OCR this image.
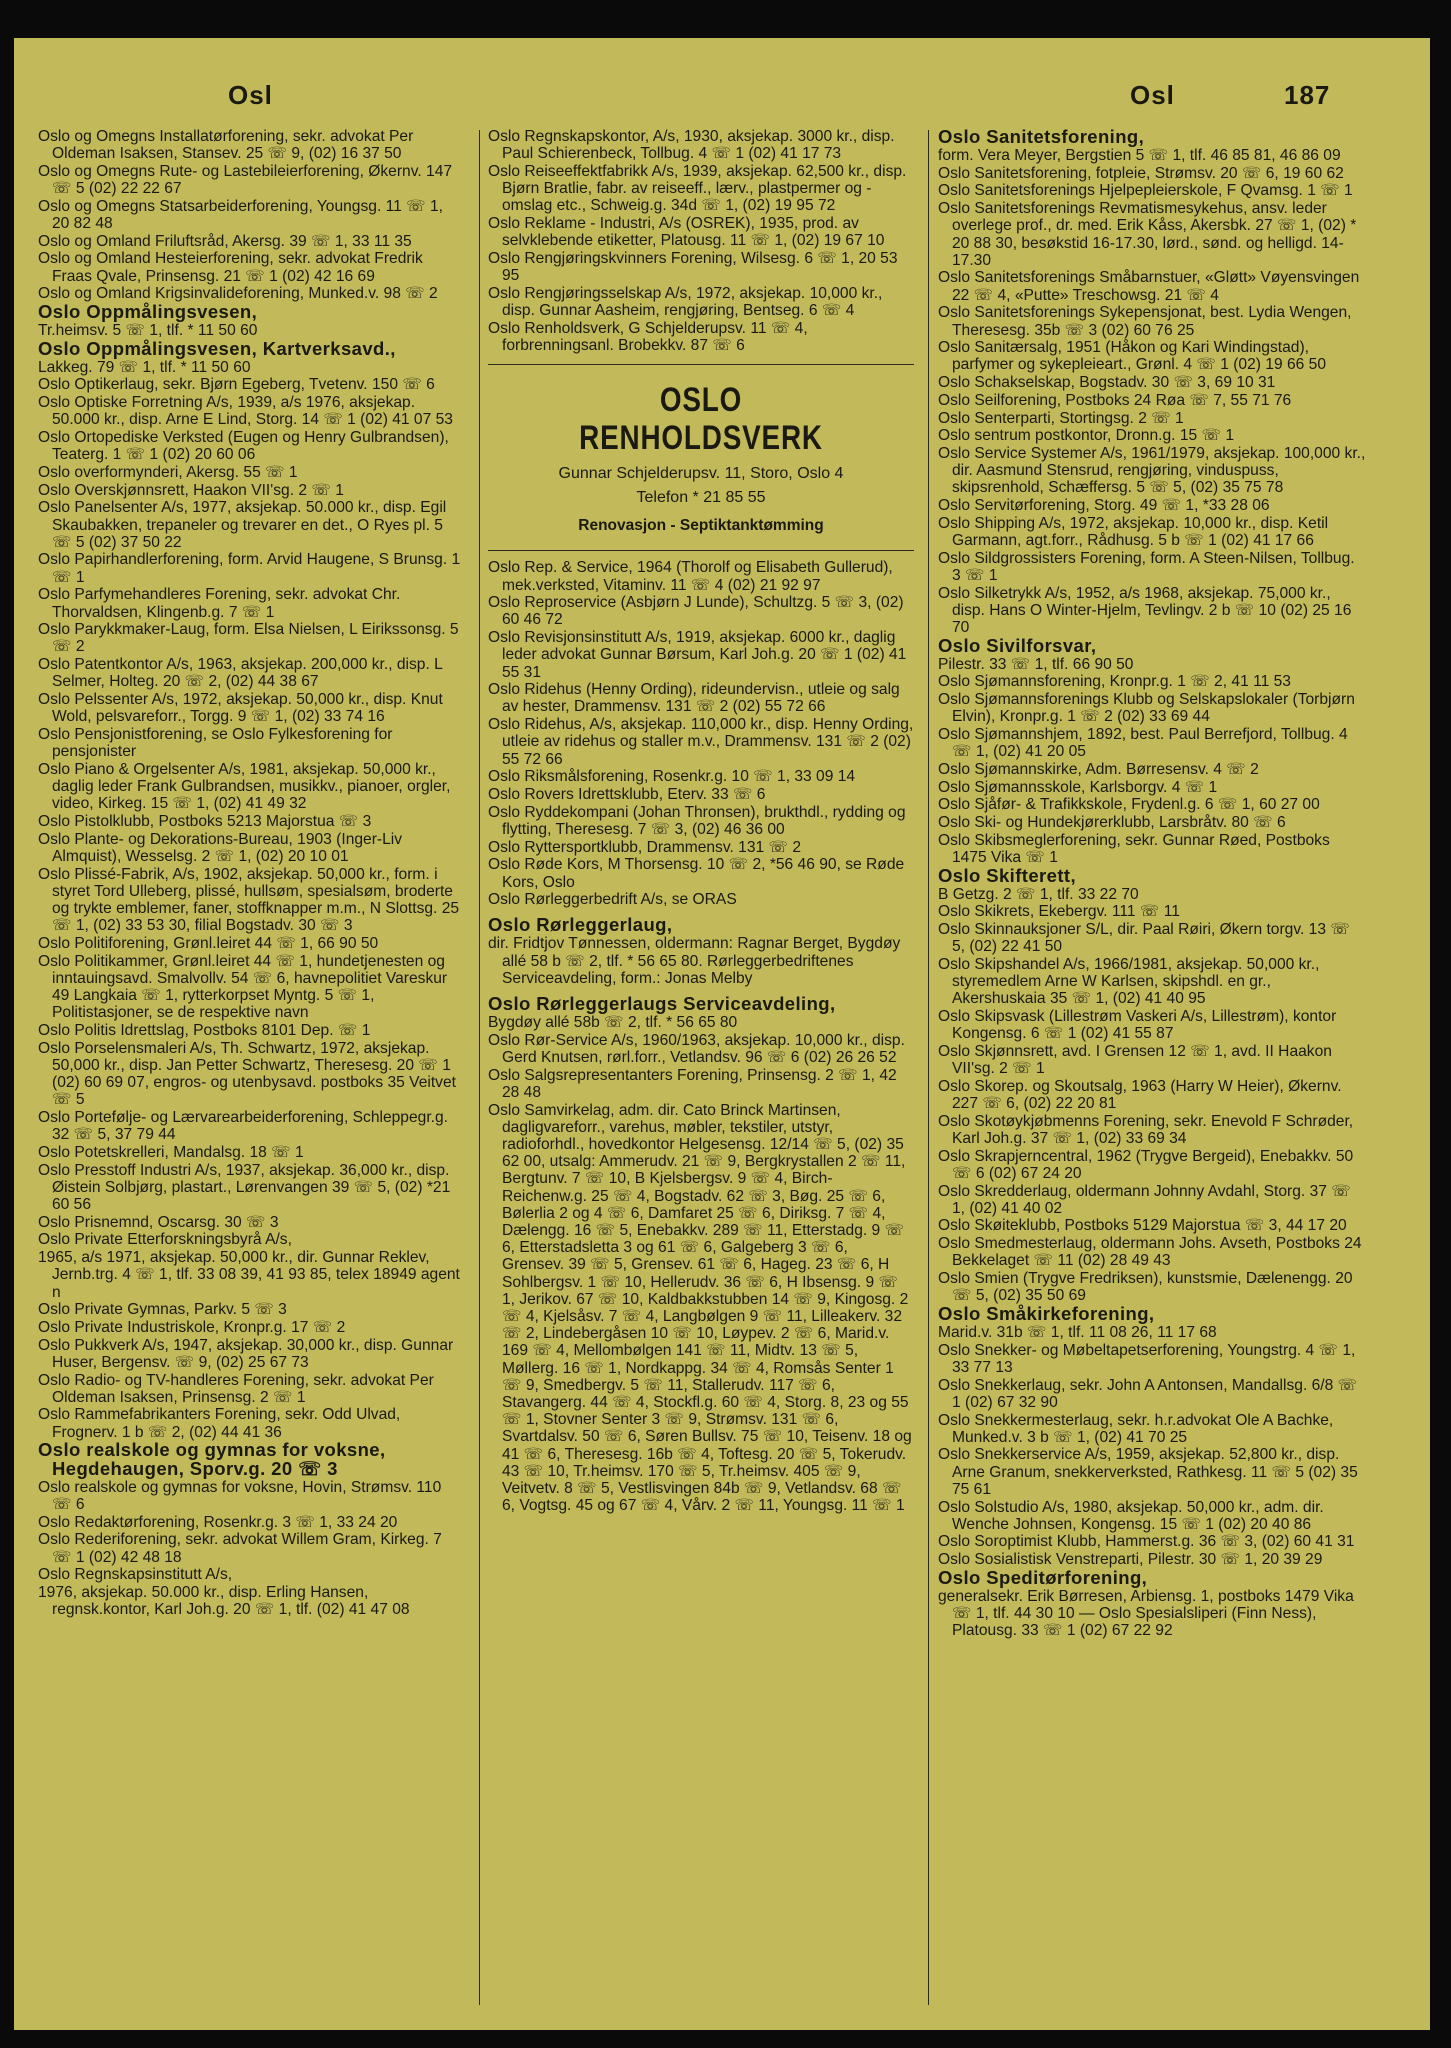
Osl	Osl	187
Oslo og Omegns Installatørforening, sekr. advokat Per Oldeman Isaksen, Stansev. 25 ☏ 9, (02) 16 37 50
Oslo og Omegns Rute- og Lastebileierforening, Økernv. 147 ☏ 5 (02) 22 22 67
Oslo og Omegns Statsarbeiderforening, Youngsg. 11 ☏ 1, 20 82 48
Oslo og Omland Friluftsråd, Akersg. 39 ☏ 1, 33 11 35
Oslo og Omland Hesteierforening, sekr. advokat Fredrik Fraas Qvale, Prinsensg. 21 ☏ 1 (02) 42 16 69
Oslo og Omland Krigsinvalideforening, Munked.v. 98 ☏ 2
Oslo Oppmålingsvesen,
Tr.heimsv. 5 ☏ 1, tlf. * 11 50 60
Oslo Oppmålingsvesen, Kartverksavd.,
Lakkeg. 79 ☏ 1, tlf. * 11 50 60
Oslo Optikerlaug, sekr. Bjørn Egeberg, Tvetenv. 150 ☏ 6
Oslo Optiske Forretning A/s, 1939, a/s 1976, aksjekap. 50.000 kr., disp. Arne E Lind, Storg. 14 ☏ 1 (02) 41 07 53
Oslo Ortopediske Verksted (Eugen og Henry Gulbrandsen), Teaterg. 1 ☏ 1 (02) 20 60 06
Oslo overformynderi, Akersg. 55 ☏ 1
Oslo Overskjønnsrett, Haakon VII'sg. 2 ☏ 1
Oslo Panelsenter A/s, 1977, aksjekap. 50.000 kr., disp. Egil Skaubakken, trepaneler og trevarer en det., O Ryes pl. 5 ☏ 5 (02) 37 50 22
Oslo Papirhandlerforening, form. Arvid Haugene, S Brunsg. 1 ☏ 1
Oslo Parfymehandleres Forening, sekr. advokat Chr. Thorvaldsen, Klingenb.g. 7 ☏ 1
Oslo Parykkmaker-Laug, form. Elsa Nielsen, L Eirikssonsg. 5 ☏ 2
Oslo Patentkontor A/s, 1963, aksjekap. 200,000 kr., disp. L Selmer, Holteg. 20 ☏ 2, (02) 44 38 67
Oslo Pelssenter A/s, 1972, aksjekap. 50,000 kr., disp. Knut Wold, pelsvareforr., Torgg. 9 ☏ 1, (02) 33 74 16
Oslo Pensjonistforening, se Oslo Fylkesforening for pensjonister
Oslo Piano & Orgelsenter A/s, 1981, aksjekap. 50,000 kr., daglig leder Frank Gulbrandsen, musikkv., pianoer, orgler, video, Kirkeg. 15 ☏ 1, (02) 41 49 32
Oslo Pistolklubb, Postboks 5213 Majorstua ☏ 3
Oslo Plante- og Dekorations-Bureau, 1903 (Inger-Liv Almquist), Wesselsg. 2 ☏ 1, (02) 20 10 01
Oslo Plissé-Fabrik, A/s, 1902, aksjekap. 50,000 kr., form. i styret Tord Ulleberg, plissé, hullsøm, spesialsøm, broderte og trykte emblemer, faner, stoffknapper m.m., N Slottsg. 25 ☏ 1, (02) 33 53 30, filial Bogstadv. 30 ☏ 3
Oslo Politiforening, Grønl.leiret 44 ☏ 1, 66 90 50
Oslo Politikammer, Grønl.leiret 44 ☏ 1, hundetjenesten og inntauingsavd. Smalvollv. 54 ☏ 6, havnepolitiet Vareskur 49 Langkaia ☏ 1, rytterkorpset Myntg. 5 ☏ 1, Politistasjoner, se de respektive navn
Oslo Politis Idrettslag, Postboks 8101 Dep. ☏ 1
Oslo Porselensmaleri A/s, Th. Schwartz, 1972, aksjekap. 50,000 kr., disp. Jan Petter Schwartz, Theresesg. 20 ☏ 1 (02) 60 69 07, engros- og utenbysavd. postboks 35 Veitvet ☏ 5
Oslo Portefølje- og Lærvarearbeiderforening, Schleppegr.g. 32 ☏ 5, 37 79 44
Oslo Potetskrelleri, Mandalsg. 18 ☏ 1
Oslo Presstoff Industri A/s, 1937, aksjekap. 36,000 kr., disp. Øistein Solbjørg, plastart., Lørenvangen 39 ☏ 5, (02) *21 60 56
Oslo Prisnemnd, Oscarsg. 30 ☏ 3
Oslo Private Etterforskningsbyrå A/s,
1965, a/s 1971, aksjekap. 50,000 kr., dir. Gunnar Reklev, Jernb.trg. 4 ☏ 1, tlf. 33 08 39, 41 93 85, telex 18949 agent n
Oslo Private Gymnas, Parkv. 5 ☏ 3
Oslo Private Industriskole, Kronpr.g. 17 ☏ 2
Oslo Pukkverk A/s, 1947, aksjekap. 30,000 kr., disp. Gunnar Huser, Bergensv. ☏ 9, (02) 25 67 73
Oslo Radio- og TV-handleres Forening, sekr. advokat Per Oldeman Isaksen, Prinsensg. 2 ☏ 1
Oslo Rammefabrikanters Forening, sekr. Odd Ulvad, Frognerv. 1 b ☏ 2, (02) 44 41 36
Oslo realskole og gymnas for voksne, Hegdehaugen, Sporv.g. 20 ☏ 3
Oslo realskole og gymnas for voksne, Hovin, Strømsv. 110 ☏ 6
Oslo Redaktørforening, Rosenkr.g. 3 ☏ 1, 33 24 20
Oslo Rederiforening, sekr. advokat Willem Gram, Kirkeg. 7 ☏ 1 (02) 42 48 18
Oslo Regnskapsinstitutt A/s,
1976, aksjekap. 50.000 kr., disp. Erling Hansen, regnsk.kontor, Karl Joh.g. 20 ☏ 1, tlf. (02) 41 47 08
Oslo Regnskapskontor, A/s, 1930, aksjekap. 3000 kr., disp. Paul Schierenbeck, Tollbug. 4 ☏ 1 (02) 41 17 73
Oslo Reiseeffektfabrikk A/s, 1939, aksjekap. 62,500 kr., disp. Bjørn Bratlie, fabr. av reiseeff., lærv., plastpermer og -omslag etc., Schweig.g. 34d ☏ 1, (02) 19 95 72
Oslo Reklame - Industri, A/s (OSREK), 1935, prod. av selvklebende etiketter, Platousg. 11 ☏ 1, (02) 19 67 10
Oslo Rengjøringskvinners Forening, Wilsesg. 6 ☏ 1, 20 53 95
Oslo Rengjøringsselskap A/s, 1972, aksjekap. 10,000 kr., disp. Gunnar Aasheim, rengjøring, Bentseg. 6 ☏ 4
Oslo Renholdsverk, G Schjelderupsv. 11 ☏ 4, forbrenningsanl. Brobekkv. 87 ☏ 6
OSLO
RENHOLDSVERK
Gunnar Schjelderupsv. 11, Storo, Oslo 4
Telefon * 21 85 55
Renovasjon - Septiktanktømming
Oslo Rep. & Service, 1964 (Thorolf og Elisabeth Gullerud), mek.verksted, Vitaminv. 11 ☏ 4 (02) 21 92 97
Oslo Reproservice (Asbjørn J Lunde), Schultzg. 5 ☏ 3, (02) 60 46 72
Oslo Revisjonsinstitutt A/s, 1919, aksjekap. 6000 kr., daglig leder advokat Gunnar Børsum, Karl Joh.g. 20 ☏ 1 (02) 41 55 31
Oslo Ridehus (Henny Ording), rideundervisn., utleie og salg av hester, Drammensv. 131 ☏ 2 (02) 55 72 66
Oslo Ridehus, A/s, aksjekap. 110,000 kr., disp. Henny Ording, utleie av ridehus og staller m.v., Drammensv. 131 ☏ 2 (02) 55 72 66
Oslo Riksmålsforening, Rosenkr.g. 10 ☏ 1, 33 09 14
Oslo Rovers Idrettsklubb, Eterv. 33 ☏ 6
Oslo Ryddekompani (Johan Thronsen), brukthdl., rydding og flytting, Theresesg. 7 ☏ 3, (02) 46 36 00
Oslo Ryttersportklubb, Drammensv. 131 ☏ 2
Oslo Røde Kors, M Thorsensg. 10 ☏ 2, *56 46 90, se Røde Kors, Oslo
Oslo Rørleggerbedrift A/s, se ORAS
Oslo Rørleggerlaug,
dir. Fridtjov Tønnessen, oldermann: Ragnar Berget, Bygdøy allé 58 b ☏ 2, tlf. * 56 65 80. Rørleggerbedriftenes Serviceavdeling, form.: Jonas Melby
Oslo Rørleggerlaugs Serviceavdeling,
Bygdøy allé 58b ☏ 2, tlf. * 56 65 80
Oslo Rør-Service A/s, 1960/1963, aksjekap. 10,000 kr., disp. Gerd Knutsen, rørl.forr., Vetlandsv. 96 ☏ 6 (02) 26 26 52
Oslo Salgsrepresentanters Forening, Prinsensg. 2 ☏ 1, 42 28 48
Oslo Samvirkelag, adm. dir. Cato Brinck Martinsen, dagligvareforr., varehus, møbler, tekstiler, utstyr, radioforhdl., hovedkontor Helgesensg. 12/14 ☏ 5, (02) 35 62 00, utsalg: Ammerudv. 21 ☏ 9, Bergkrystallen 2 ☏ 11, Bergtunv. 7 ☏ 10, B Kjelsbergsv. 9 ☏ 4, Birch-Reichenw.g. 25 ☏ 4, Bogstadv. 62 ☏ 3, Bøg. 25 ☏ 6, Bølerlia 2 og 4 ☏ 6, Damfaret 25 ☏ 6, Diriksg. 7 ☏ 4, Dælengg. 16 ☏ 5, Enebakkv. 289 ☏ 11, Etterstadg. 9 ☏ 6, Etterstadsletta 3 og 61 ☏ 6, Galgeberg 3 ☏ 6, Grensev. 39 ☏ 5, Grensev. 61 ☏ 6, Hageg. 23 ☏ 6, H Sohlbergsv. 1 ☏ 10, Hellerudv. 36 ☏ 6, H Ibsensg. 9 ☏ 1, Jerikov. 67 ☏ 10, Kaldbakkstubben 14 ☏ 9, Kingosg. 2 ☏ 4, Kjelsåsv. 7 ☏ 4, Langbølgen 9 ☏ 11, Lilleakerv. 32 ☏ 2, Lindebergåsen 10 ☏ 10, Løypev. 2 ☏ 6, Marid.v. 169 ☏ 4, Mellombølgen 141 ☏ 11, Midtv. 13 ☏ 5, Møllerg. 16 ☏ 1, Nordkappg. 34 ☏ 4, Romsås Senter 1 ☏ 9, Smedbergv. 5 ☏ 11, Stallerudv. 117 ☏ 6, Stavangerg. 44 ☏ 4, Stockfl.g. 60 ☏ 4, Storg. 8, 23 og 55 ☏ 1, Stovner Senter 3 ☏ 9, Strømsv. 131 ☏ 6, Svartdalsv. 50 ☏ 6, Søren Bullsv. 75 ☏ 10, Teisenv. 18 og 41 ☏ 6, Theresesg. 16b ☏ 4, Toftesg. 20 ☏ 5, Tokerudv. 43 ☏ 10, Tr.heimsv. 170 ☏ 5, Tr.heimsv. 405 ☏ 9, Veitvetv. 8 ☏ 5, Vestlisvingen 84b ☏ 9, Vetlandsv. 68 ☏ 6, Vogtsg. 45 og 67 ☏ 4, Vårv. 2 ☏ 11, Youngsg. 11 ☏ 1
Oslo Sanitetsforening,
form. Vera Meyer, Bergstien 5 ☏ 1, tlf. 46 85 81, 46 86 09
Oslo Sanitetsforening, fotpleie, Strømsv. 20 ☏ 6, 19 60 62
Oslo Sanitetsforenings Hjelpepleierskole, F Qvamsg. 1 ☏ 1
Oslo Sanitetsforenings Revmatismesykehus, ansv. leder overlege prof., dr. med. Erik Kåss, Akersbk. 27 ☏ 1, (02) * 20 88 30, besøkstid 16-17.30, lørd., sønd. og helligd. 14-17.30
Oslo Sanitetsforenings Småbarnstuer, «Gløtt» Vøyensvingen 22 ☏ 4, «Putte» Treschowsg. 21 ☏ 4
Oslo Sanitetsforenings Sykepensjonat, best. Lydia Wengen, Theresesg. 35b ☏ 3 (02) 60 76 25
Oslo Sanitærsalg, 1951 (Håkon og Kari Windingstad), parfymer og sykepleieart., Grønl. 4 ☏ 1 (02) 19 66 50
Oslo Schakselskap, Bogstadv. 30 ☏ 3, 69 10 31
Oslo Seilforening, Postboks 24 Røa ☏ 7, 55 71 76
Oslo Senterparti, Stortingsg. 2 ☏ 1
Oslo sentrum postkontor, Dronn.g. 15 ☏ 1
Oslo Service Systemer A/s, 1961/1979, aksjekap. 100,000 kr., dir. Aasmund Stensrud, rengjøring, vinduspuss, skipsrenhold, Schæffersg. 5 ☏ 5, (02) 35 75 78
Oslo Servitørforening, Storg. 49 ☏ 1, *33 28 06
Oslo Shipping A/s, 1972, aksjekap. 10,000 kr., disp. Ketil Garmann, agt.forr., Rådhusg. 5 b ☏ 1 (02) 41 17 66
Oslo Sildgrossisters Forening, form. A Steen-Nilsen, Tollbug. 3 ☏ 1
Oslo Silketrykk A/s, 1952, a/s 1968, aksjekap. 75,000 kr., disp. Hans O Winter-Hjelm, Tevlingv. 2 b ☏ 10 (02) 25 16 70
Oslo Sivilforsvar,
Pilestr. 33 ☏ 1, tlf. 66 90 50
Oslo Sjømannsforening, Kronpr.g. 1 ☏ 2, 41 11 53
Oslo Sjømannsforenings Klubb og Selskapslokaler (Torbjørn Elvin), Kronpr.g. 1 ☏ 2 (02) 33 69 44
Oslo Sjømannshjem, 1892, best. Paul Berrefjord, Tollbug. 4 ☏ 1, (02) 41 20 05
Oslo Sjømannskirke, Adm. Børresensv. 4 ☏ 2
Oslo Sjømannsskole, Karlsborgv. 4 ☏ 1
Oslo Sjåfør- & Trafikkskole, Frydenl.g. 6 ☏ 1, 60 27 00
Oslo Ski- og Hundekjørerklubb, Larsbråtv. 80 ☏ 6
Oslo Skibsmeglerforening, sekr. Gunnar Røed, Postboks 1475 Vika ☏ 1
Oslo Skifterett,
B Getzg. 2 ☏ 1, tlf. 33 22 70
Oslo Skikrets, Ekebergv. 111 ☏ 11
Oslo Skinnauksjoner S/L, dir. Paal Røiri, Økern torgv. 13 ☏ 5, (02) 22 41 50
Oslo Skipshandel A/s, 1966/1981, aksjekap. 50,000 kr., styremedlem Arne W Karlsen, skipshdl. en gr., Akershuskaia 35 ☏ 1, (02) 41 40 95
Oslo Skipsvask (Lillestrøm Vaskeri A/s, Lillestrøm), kontor Kongensg. 6 ☏ 1 (02) 41 55 87
Oslo Skjønnsrett, avd. I Grensen 12 ☏ 1, avd. II Haakon VII'sg. 2 ☏ 1
Oslo Skorep. og Skoutsalg, 1963 (Harry W Heier), Økernv. 227 ☏ 6, (02) 22 20 81
Oslo Skotøykjøbmenns Forening, sekr. Enevold F Schrøder, Karl Joh.g. 37 ☏ 1, (02) 33 69 34
Oslo Skrapjerncentral, 1962 (Trygve Bergeid), Enebakkv. 50 ☏ 6 (02) 67 24 20
Oslo Skredderlaug, oldermann Johnny Avdahl, Storg. 37 ☏ 1, (02) 41 40 02
Oslo Skøiteklubb, Postboks 5129 Majorstua ☏ 3, 44 17 20
Oslo Smedmesterlaug, oldermann Johs. Avseth, Postboks 24 Bekkelaget ☏ 11 (02) 28 49 43
Oslo Smien (Trygve Fredriksen), kunstsmie, Dælenengg. 20 ☏ 5, (02) 35 50 69
Oslo Småkirkeforening,
Marid.v. 31b ☏ 1, tlf. 11 08 26, 11 17 68
Oslo Snekker- og Møbeltapetserforening, Youngstrg. 4 ☏ 1, 33 77 13
Oslo Snekkerlaug, sekr. John A Antonsen, Mandallsg. 6/8 ☏ 1 (02) 67 32 90
Oslo Snekkermesterlaug, sekr. h.r.advokat Ole A Bachke, Munked.v. 3 b ☏ 1, (02) 41 70 25
Oslo Snekkerservice A/s, 1959, aksjekap. 52,800 kr., disp. Arne Granum, snekkerverksted, Rathkesg. 11 ☏ 5 (02) 35 75 61
Oslo Solstudio A/s, 1980, aksjekap. 50,000 kr., adm. dir. Wenche Johnsen, Kongensg. 15 ☏ 1 (02) 20 40 86
Oslo Soroptimist Klubb, Hammerst.g. 36 ☏ 3, (02) 60 41 31
Oslo Sosialistisk Venstreparti, Pilestr. 30 ☏ 1, 20 39 29
Oslo Speditørforening,
generalsekr. Erik Børresen, Arbiensg. 1, postboks 1479 Vika ☏ 1, tlf. 44 30 10 — Oslo Spesialsliperi (Finn Ness), Platousg. 33 ☏ 1 (02) 67 22 92
